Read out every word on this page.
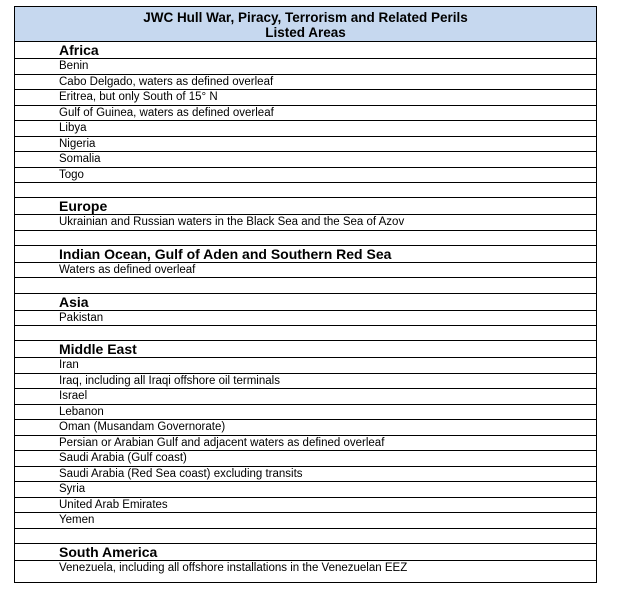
JWC Hull War, Piracy, Terrorism and Related Perils
Listed Areas
Africa
Benin
Cabo Delgado, waters as defined overleaf
Eritrea, but only South of 15° N
Gulf of Guinea, waters as defined overleaf
Libya
Nigeria
Somalia
Togo
Europe
Ukrainian and Russian waters in the Black Sea and the Sea of Azov
Indian Ocean, Gulf of Aden and Southern Red Sea
Waters as defined overleaf
Asia
Pakistan
Middle East
Iran
Iraq, including all Iraqi offshore oil terminals
Israel
Lebanon
Oman (Musandam Governorate)
Persian or Arabian Gulf and adjacent waters as defined overleaf
Saudi Arabia (Gulf coast)
Saudi Arabia (Red Sea coast) excluding transits
Syria
United Arab Emirates
Yemen
South America
Venezuela, including all offshore installations in the Venezuelan EEZ
